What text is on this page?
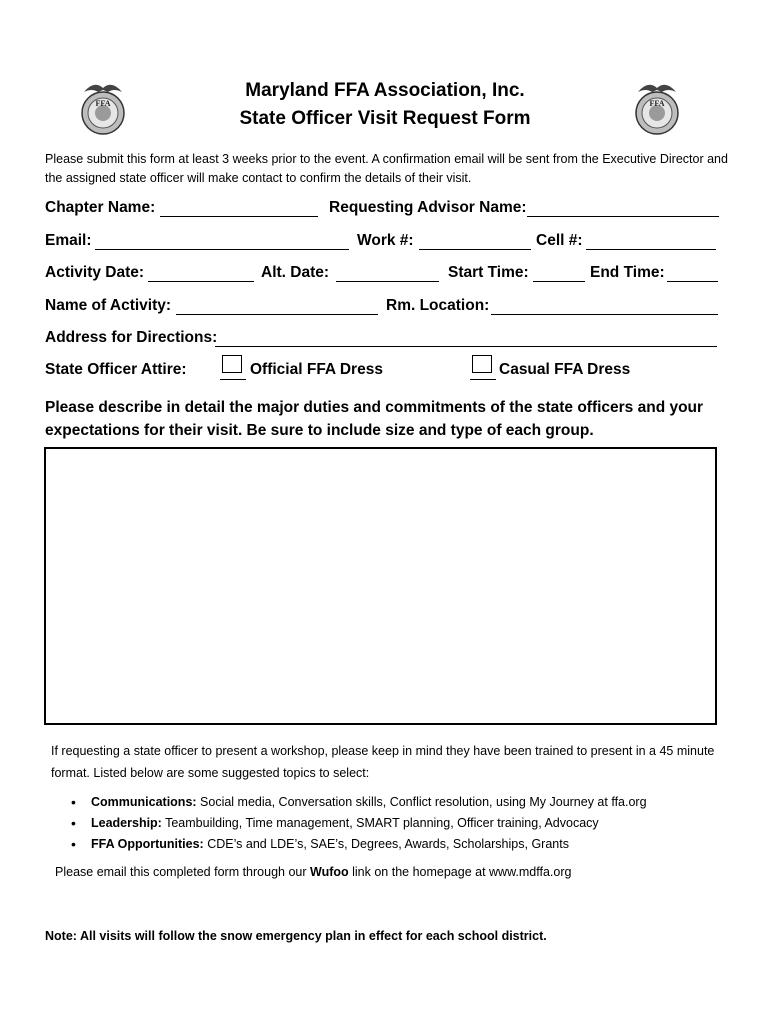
FFA	FFA
Maryland FFA Association, Inc.
State Officer Visit Request Form
Please submit this form at least 3 weeks prior to the event. A confirmation email will be sent from the Executive Director and the assigned state officer will make contact to confirm the details of their visit.
Chapter Name:	Requesting Advisor Name:
Email:	Work #:	Cell #:
Activity Date:	Alt. Date:	Start Time:	End Time:
Name of Activity:	Rm. Location:
Address for Directions:
State Officer Attire:	Official FFA Dress	Casual FFA Dress
Please describe in detail the major duties and commitments of the state officers and your expectations for their visit. Be sure to include size and type of each group.
If requesting a state officer to present a workshop, please keep in mind they have been trained to present in a 45 minute format. Listed below are some suggested topics to select:
• Communications: Social media, Conversation skills, Conflict resolution, using My Journey at ffa.org
• Leadership: Teambuilding, Time management, SMART planning, Officer training, Advocacy
• FFA Opportunities: CDE’s and LDE’s, SAE’s, Degrees, Awards, Scholarships, Grants
Please email this completed form through our Wufoo link on the homepage at www.mdffa.org
Note: All visits will follow the snow emergency plan in effect for each school district.
